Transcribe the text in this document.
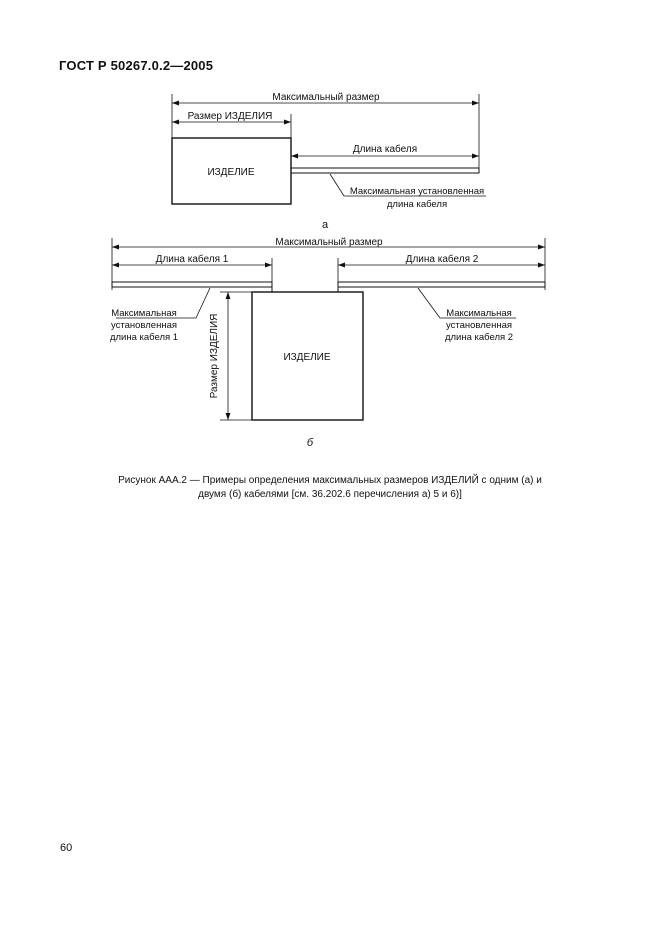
ГОСТ Р 50267.0.2—2005
Максимальный размер
Размер ИЗДЕЛИЯ
ИЗДЕЛИЕ
Длина кабеля
Максимальная установленная
длина кабеля
а
Максимальный размер
Длина кабеля 1	Длина кабеля 2
Максимальная
установленная
длина кабеля 1
Максимальная
установленная
длина кабеля 2
Размер ИЗДЕЛИЯ	ИЗДЕЛИЕ
б
Рисунок ААА.2 — Примеры определения максимальных размеров ИЗДЕЛИЙ с одним (а) и
двумя (б) кабелями [см. 36.202.6 перечисления а) 5 и 6)]
60
